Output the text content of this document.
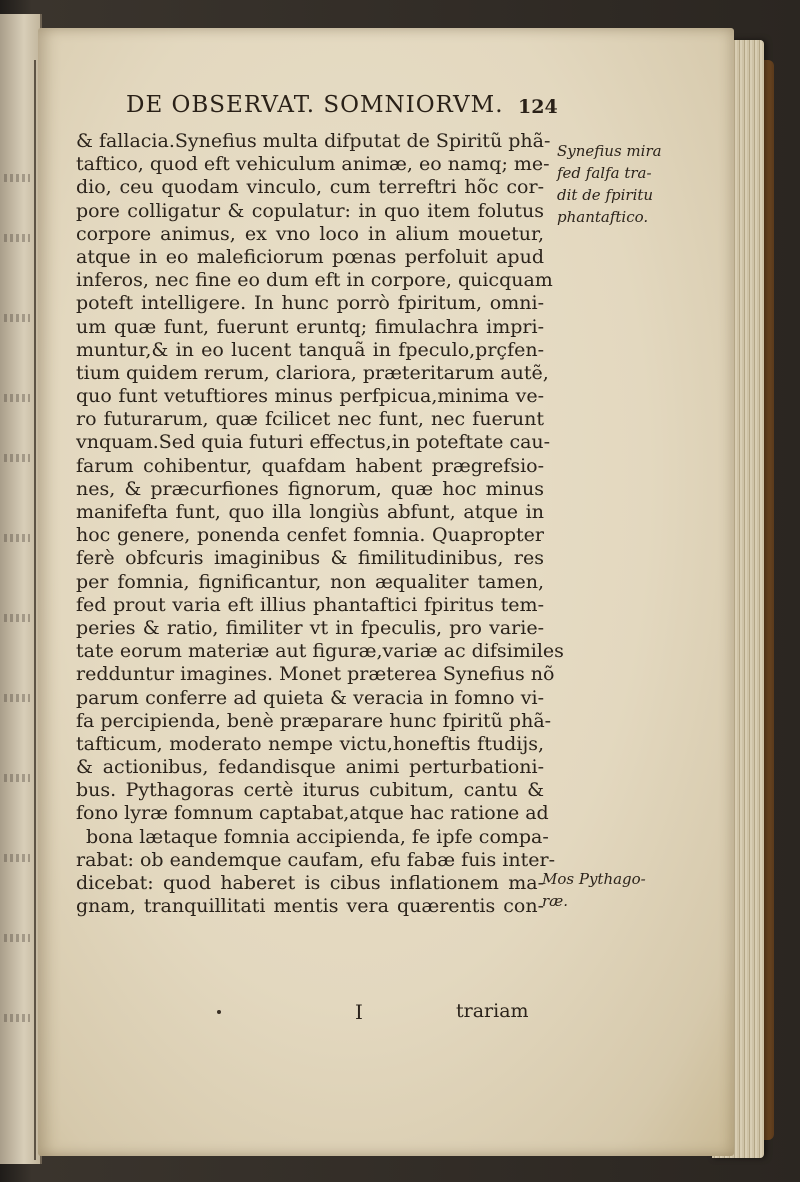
DE OBSERVAT. SOMNIORVM. 124
& fallacia.Synefius multa difputat de Spiritũ phã-
taftico, quod eft vehiculum animæ, eo namq; me-
dio, ceu quodam vinculo, cum terreftri hõc cor-
pore colligatur & copulatur: in quo item folutus
corpore animus, ex vno loco in alium mouetur,
atque in eo maleficiorum pœnas perfoluit apud
inferos, nec fine eo dum eft in corpore, quicquam
poteft intelligere. In hunc porrò fpiritum, omni-
um quæ funt, fuerunt eruntq; fimulachra impri-
muntur,& in eo lucent tanquã in fpeculo,prçfen-
tium quidem rerum, clariora, præteritarum autẽ,
quo funt vetuftiores minus perfpicua,minima ve-
ro futurarum, quæ fcilicet nec funt, nec fuerunt
vnquam.Sed quia futuri effectus,in poteftate cau-
farum cohibentur, quafdam habent prægrefsio-
nes, & præcurfiones fignorum, quæ hoc minus
manifefta funt, quo illa longiùs abfunt, atque in
hoc genere, ponenda cenfet fomnia. Quapropter
ferè obfcuris imaginibus & fimilitudinibus, res
per fomnia, fignificantur, non æqualiter tamen,
fed prout varia eft illius phantaftici fpiritus tem-
peries & ratio, fimiliter vt in fpeculis, pro varie-
tate eorum materiæ aut figuræ,variæ ac difsimiles
redduntur imagines. Monet præterea Synefius nõ
parum conferre ad quieta & veracia in fomno vi-
fa percipienda, benè præparare hunc fpiritũ phã-
tafticum, moderato nempe victu,honeftis ftudijs,
& actionibus, fedandisque animi perturbationi-
bus. Pythagoras certè iturus cubitum, cantu &
fono lyræ fomnum captabat,atque hac ratione ad
bona lætaque fomnia accipienda, fe ipfe compa-
rabat: ob eandemque caufam, efu fabæ fuis inter-
dicebat: quod haberet is cibus inflationem ma-
gnam, tranquillitati mentis vera quærentis con-
Synefius mira
fed falfa tra-
dit de fpiritu
phantaftico.
Mos Pythago-
ræ.
I	trariam
